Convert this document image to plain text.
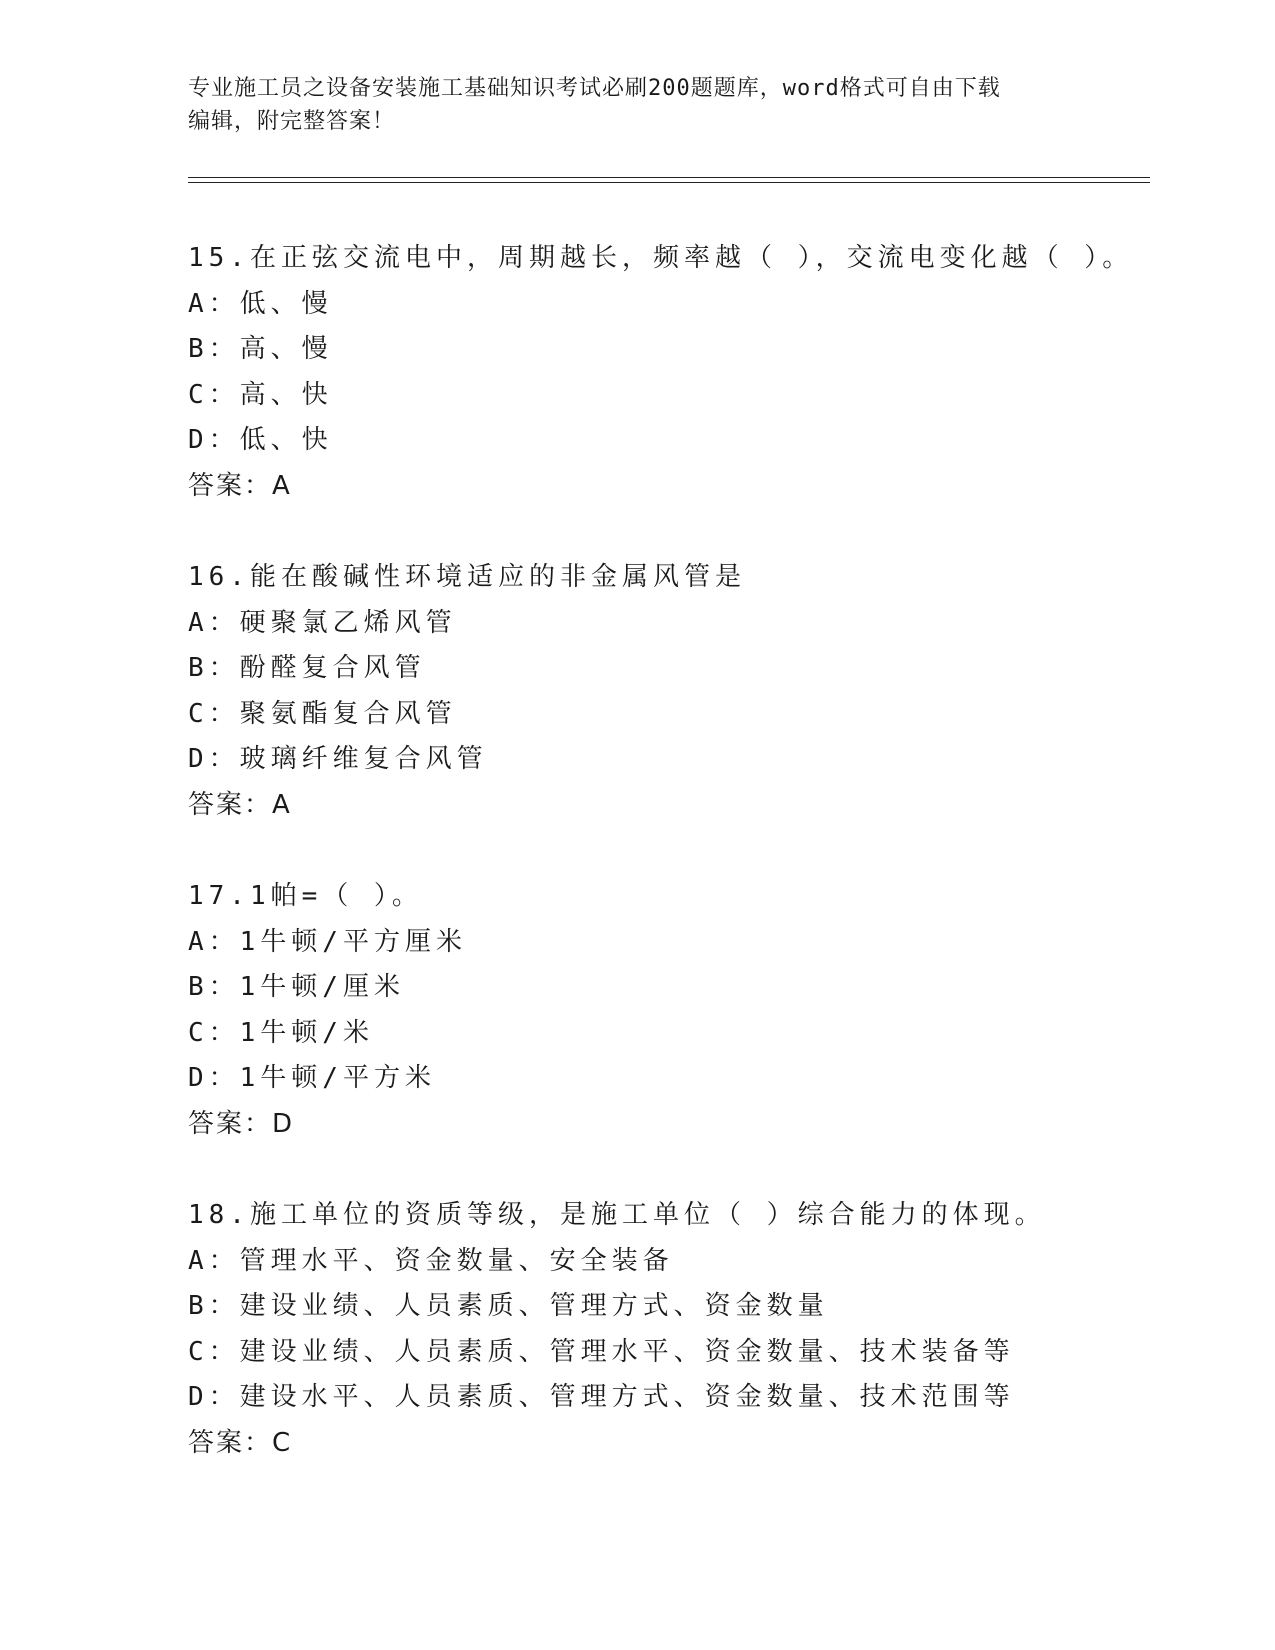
专业施工员之设备安装施工基础知识考试必刷200题题库，word格式可自由下载
编辑，附完整答案！
15.在正弦交流电中，周期越长，频率越（ ），交流电变化越（ ）。
A：低、慢
B：高、慢
C：高、快
D：低、快
答案：A
16.能在酸碱性环境适应的非金属风管是
A：硬聚氯乙烯风管
B：酚醛复合风管
C：聚氨酯复合风管
D：玻璃纤维复合风管
答案：A
17.1帕=（ ）。
A：1牛顿/平方厘米
B：1牛顿/厘米
C：1牛顿/米
D：1牛顿/平方米
答案：D
18.施工单位的资质等级，是施工单位（ ）综合能力的体现。
A：管理水平、资金数量、安全装备
B：建设业绩、人员素质、管理方式、资金数量
C：建设业绩、人员素质、管理水平、资金数量、技术装备等
D：建设水平、人员素质、管理方式、资金数量、技术范围等
答案：C
